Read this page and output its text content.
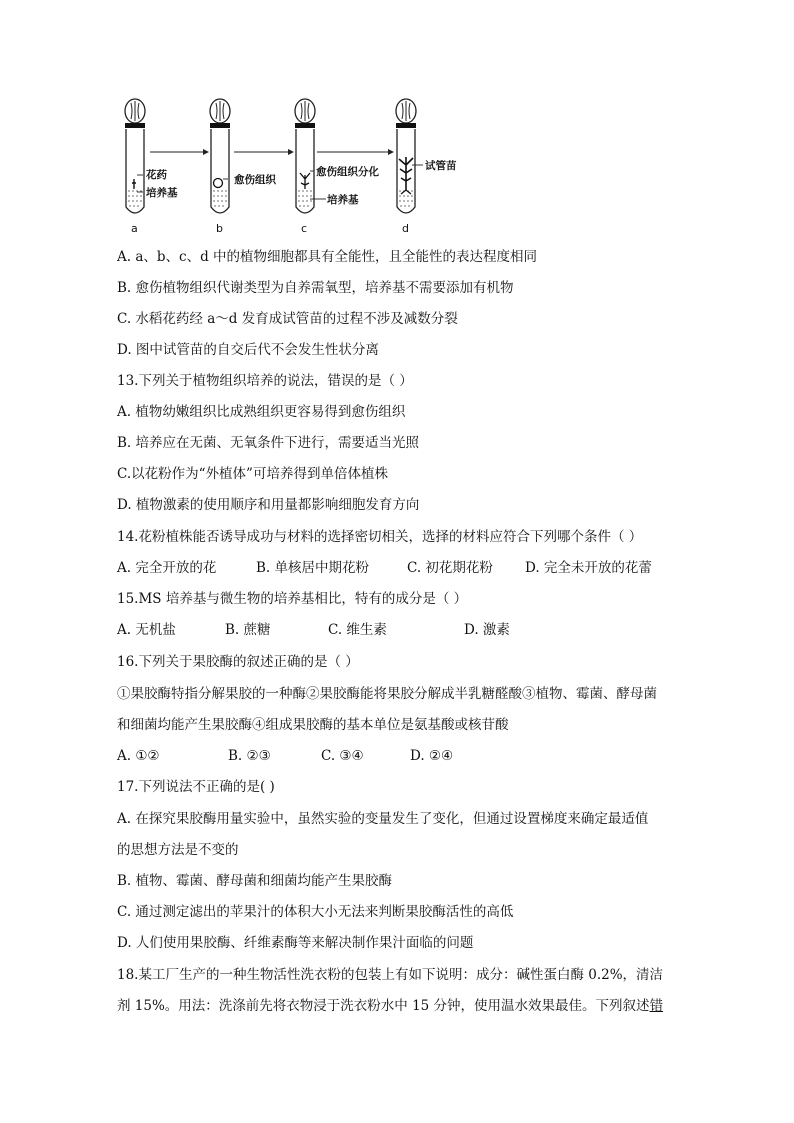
花药
培养基
a
愈伤组织
b
愈伤组织分化
培养基
c
试管苗
d
A. a、b、c、d 中的植物细胞都具有全能性，且全能性的表达程度相同
B. 愈伤植物组织代谢类型为自养需氧型，培养基不需要添加有机物
C. 水稻花药经 a～d 发育成试管苗的过程不涉及减数分裂
D. 图中试管苗的自交后代不会发生性状分离
13.下列关于植物组织培养的说法，错误的是（ ）
A. 植物幼嫩组织比成熟组织更容易得到愈伤组织
B. 培养应在无菌、无氧条件下进行，需要适当光照
C.以花粉作为“外植体”可培养得到单倍体植株
D. 植物激素的使用顺序和用量都影响细胞发育方向
14.花粉植株能否诱导成功与材料的选择密切相关，选择的材料应符合下列哪个条件（ ）
A. 完全开放的花	B. 单核居中期花粉	C. 初花期花粉 D. 完全未开放的花蕾
15.MS 培养基与微生物的培养基相比，特有的成分是（ ）
A. 无机盐	B. 蔗糖	C. 维生素	D. 激素
16.下列关于果胶酶的叙述正确的是（ ）
①果胶酶特指分解果胶的一种酶②果胶酶能将果胶分解成半乳糖醛酸③植物、霉菌、酵母菌
和细菌均能产生果胶酶④组成果胶酶的基本单位是氨基酸或核苷酸
A. ①②	B. ②③	C. ③④	D. ②④
17.下列说法不正确的是( )
A. 在探究果胶酶用量实验中，虽然实验的变量发生了变化，但通过设置梯度来确定最适值
的思想方法是不变的
B. 植物、霉菌、酵母菌和细菌均能产生果胶酶
C. 通过测定滤出的苹果汁的体积大小无法来判断果胶酶活性的高低
D. 人们使用果胶酶、纤维素酶等来解决制作果汁面临的问题
18.某工厂生产的一种生物活性洗衣粉的包装上有如下说明：成分：碱性蛋白酶 0.2%，清洁
剂 15%。用法：洗涤前先将衣物浸于洗衣粉水中 15 分钟，使用温水效果最佳。下列叙述错
